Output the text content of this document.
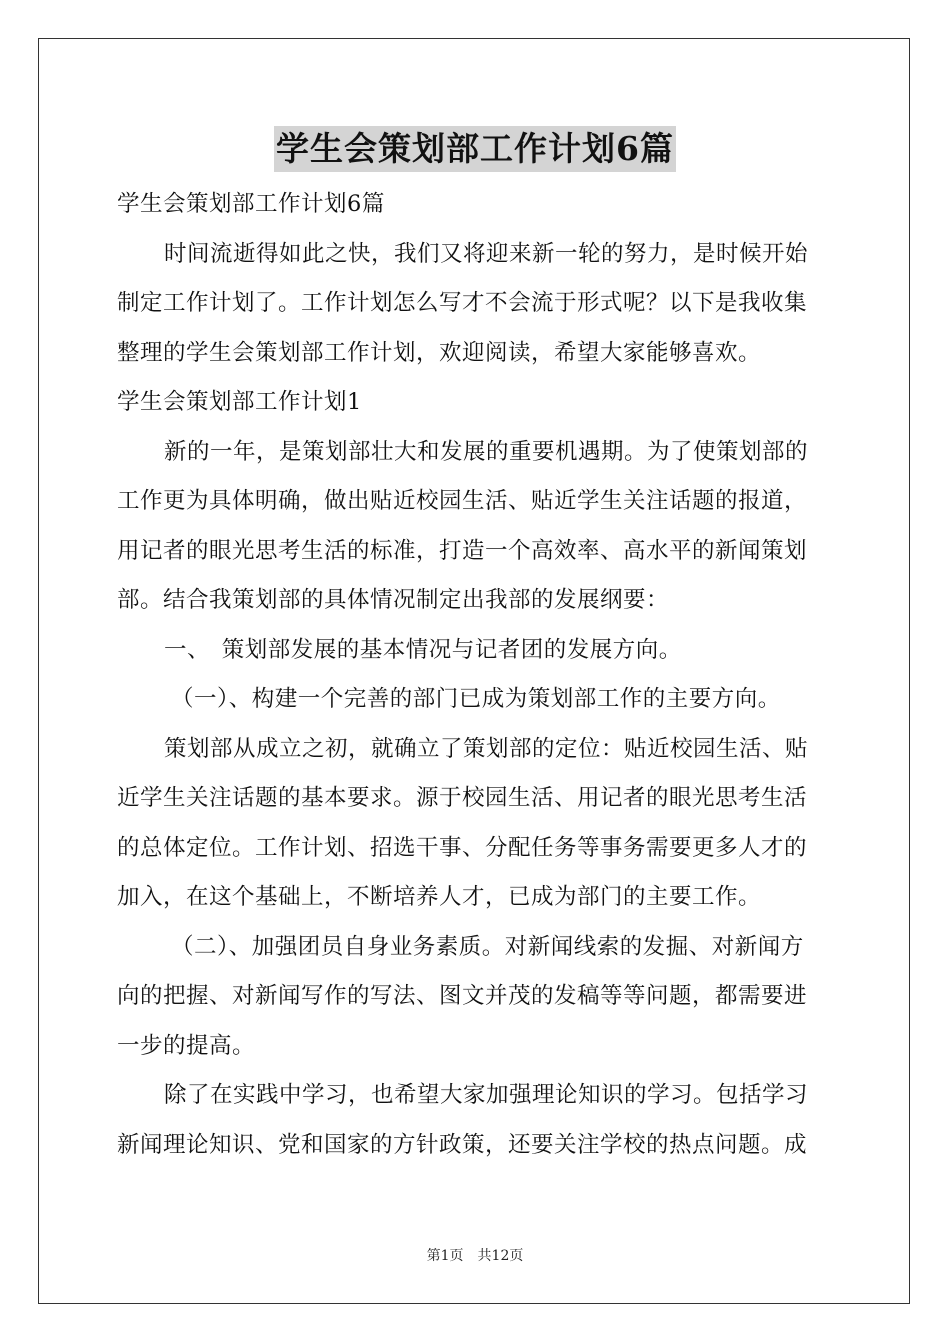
学生会策划部工作计划6篇

学生会策划部工作计划6篇

时间流逝得如此之快，我们又将迎来新一轮的努力，是时候开始

制定工作计划了。工作计划怎么写才不会流于形式呢？以下是我收集

整理的学生会策划部工作计划，欢迎阅读，希望大家能够喜欢。

学生会策划部工作计划1

新的一年，是策划部壮大和发展的重要机遇期。为了使策划部的

工作更为具体明确，做出贴近校园生活、贴近学生关注话题的报道，

用记者的眼光思考生活的标准，打造一个高效率、高水平的新闻策划

部。结合我策划部的具体情况制定出我部的发展纲要：

一、　策划部发展的基本情况与记者团的发展方向。

（一）、构建一个完善的部门已成为策划部工作的主要方向。

策划部从成立之初，就确立了策划部的定位：贴近校园生活、贴

近学生关注话题的基本要求。源于校园生活、用记者的眼光思考生活

的总体定位。工作计划、招选干事、分配任务等事务需要更多人才的

加入，在这个基础上，不断培养人才，已成为部门的主要工作。

（二）、加强团员自身业务素质。对新闻线索的发掘、对新闻方

向的把握、对新闻写作的写法、图文并茂的发稿等等问题，都需要进

一步的提高。

除了在实践中学习，也希望大家加强理论知识的学习。包括学习

新闻理论知识、党和国家的方针政策，还要关注学校的热点问题。成

第1页　共12页
